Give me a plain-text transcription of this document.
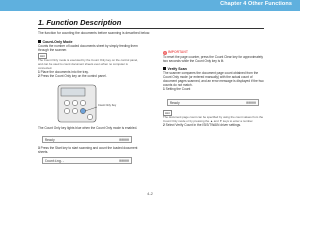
Chapter 4 Other Functions
1. Function Description
The function for counting the documents before scanning is described below.
Count-Only Mode

Counts the number of loaded documents sheet by simply feeding them through the scanner.

Hint

The Count Only mode is executed by the Count Only key on the control panel, and can be used to count document sheets even when no computer is connected.

1 Place the documents into the tray.

2 Press the Count Only key on the control panel.

Count Only Key

The Count Only key lights blue when the Count Only mode is enabled.

Ready	00000

3 Press the Start key to start scanning and count the loaded document sheets.

Counting..	00000
! IMPORTANT

To reset the page counter, press the Count Clear key for approximately two seconds while the Count Only key is lit.

Verify Scan

The scanner compares the document page count obtained from the Count Only mode (or entered manually) with the actual count of document pages scanned, and an error message is displayed if the two counts do not match.

1 Setting the Count

Ready	00000
Hint

The document page count can be specified by using the count values from the Count Only mode or by pressing the ▲ and ▼ keys to enter a number.

2 Select Verify Count in the ISIS/TWAIN driver settings.

4-2
